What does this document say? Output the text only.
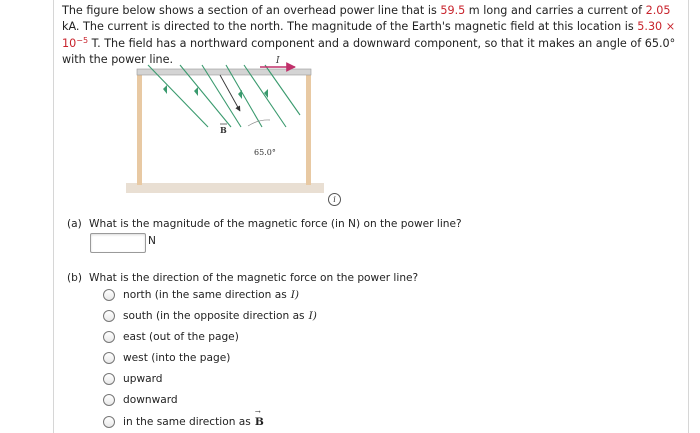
The figure below shows a section of an overhead power line that is 59.5 m long and carries a current of 2.05 kA. The current is directed to the north. The magnitude of the Earth's magnetic field at this location is $5.30 \times 10^{-5}$ T. The field has a northward component and a downward component, so that it makes an angle of 65.0° with the power line.	I
B
65.0°
i
(a) What is the magnitude of the magnetic force (in N) on the power line?
N
(b) What is the direction of the magnetic force on the power line?
north (in the same direction as I)
south (in the opposite direction as I)
east (out of the page)
west (into the page)
upward
downward
in the same direction as
→ B
